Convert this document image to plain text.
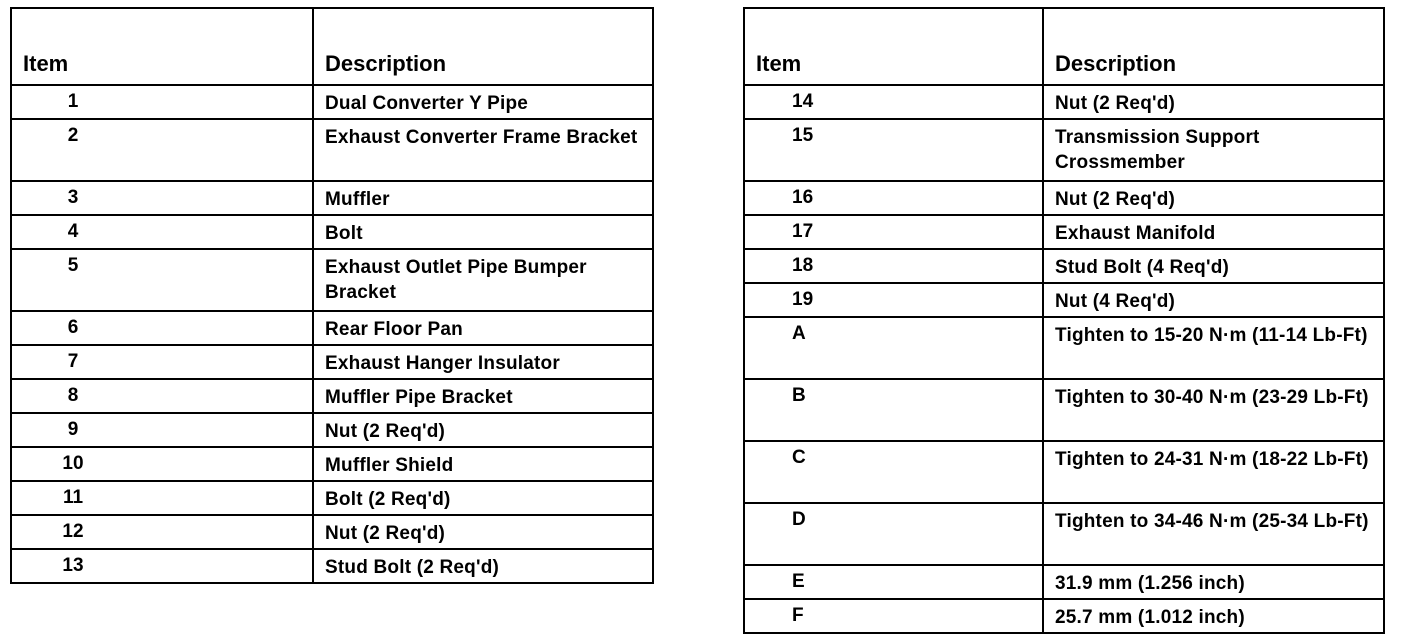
Item	Description
1	Dual Converter Y Pipe
2	Exhaust Converter Frame Bracket
3	Muffler
4	Bolt
5	Exhaust Outlet Pipe Bumper Bracket
6	Rear Floor Pan
7	Exhaust Hanger Insulator
8	Muffler Pipe Bracket
9	Nut (2 Req'd)
10	Muffler Shield
11	Bolt (2 Req'd)
12	Nut (2 Req'd)
13	Stud Bolt (2 Req'd)
Item	Description
14	Nut (2 Req'd)
15	Transmission Support Crossmember
16	Nut (2 Req'd)
17	Exhaust Manifold
18	Stud Bolt (4 Req'd)
19	Nut (4 Req'd)
A	Tighten to 15-20 N·m (11-14 Lb-Ft)
B	Tighten to 30-40 N·m (23-29 Lb-Ft)
C	Tighten to 24-31 N·m (18-22 Lb-Ft)
D	Tighten to 34-46 N·m (25-34 Lb-Ft)
E	31.9 mm (1.256 inch)
F	25.7 mm (1.012 inch)
